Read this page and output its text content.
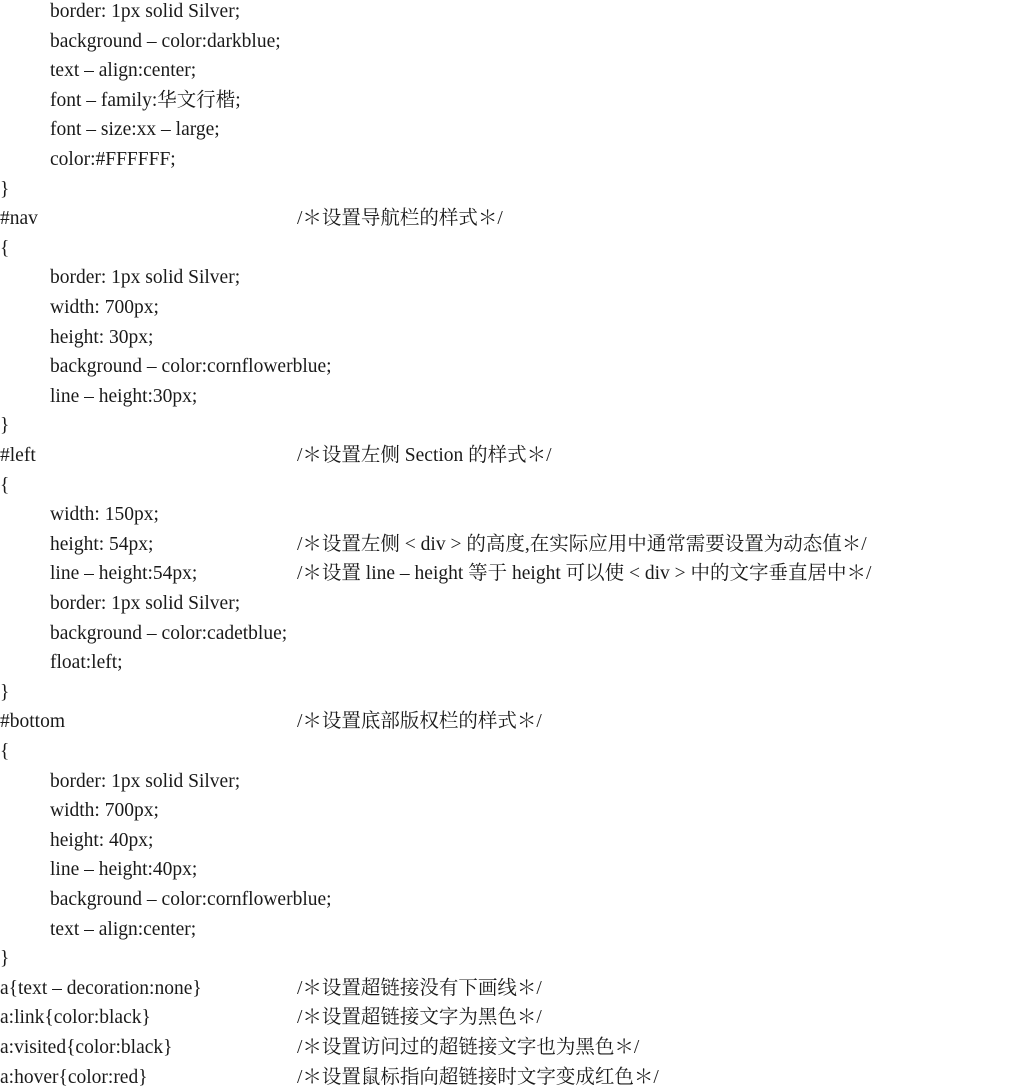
border: 1px solid Silver;
background – color:darkblue;
text – align:center;
font – family:华文行楷;
font – size:xx – large;
color:#FFFFFF;
}
#nav	/＊设置导航栏的样式＊/
{
border: 1px solid Silver;
width: 700px;
height: 30px;
background – color:cornflowerblue;
line – height:30px;
}
#left	/＊设置左侧 Section 的样式＊/
{
width: 150px;
height: 54px;	/＊设置左侧 < div > 的高度,在实际应用中通常需要设置为动态值＊/
line – height:54px;	/＊设置 line – height 等于 height 可以使 < div > 中的文字垂直居中＊/
border: 1px solid Silver;
background – color:cadetblue;
float:left;
}
#bottom	/＊设置底部版权栏的样式＊/
{
border: 1px solid Silver;
width: 700px;
height: 40px;
line – height:40px;
background – color:cornflowerblue;
text – align:center;
}
a{text – decoration:none}	/＊设置超链接没有下画线＊/
a:link{color:black}	/＊设置超链接文字为黑色＊/
a:visited{color:black}	/＊设置访问过的超链接文字也为黑色＊/
a:hover{color:red}	/＊设置鼠标指向超链接时文字变成红色＊/
